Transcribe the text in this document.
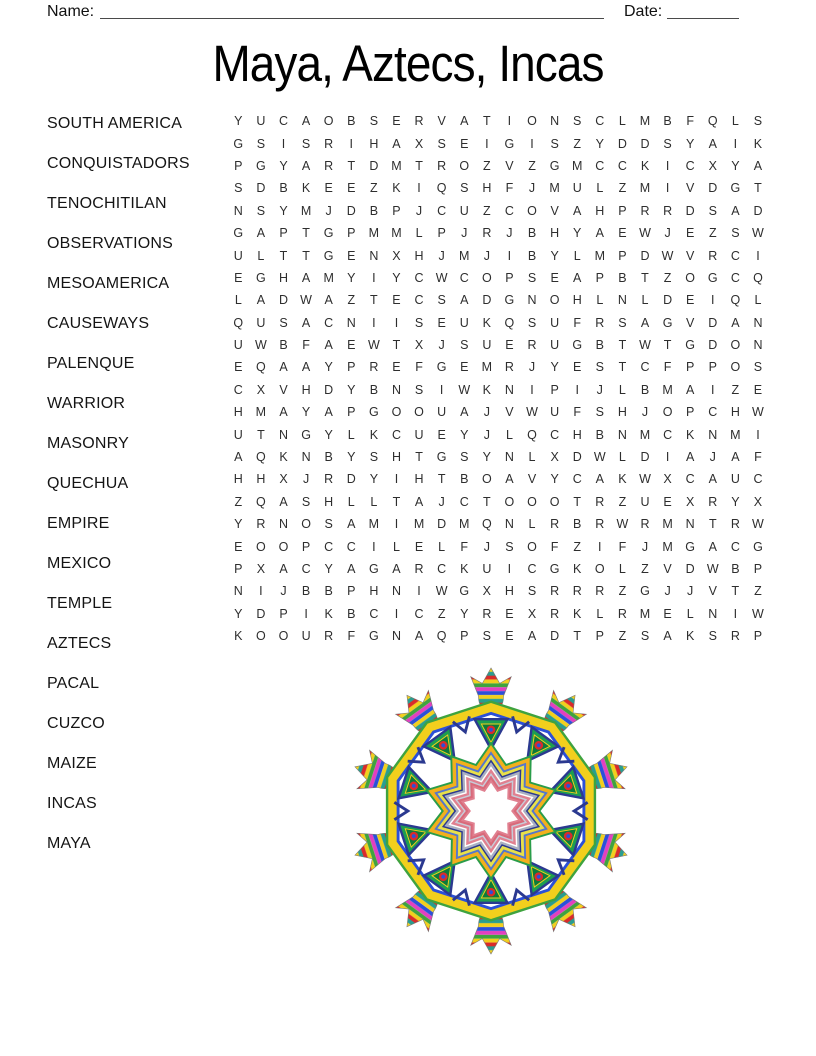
Name:	Date:
Maya, Aztecs, Incas
SOUTH AMERICA
CONQUISTADORS
TENOCHITILAN
OBSERVATIONS
MESOAMERICA
CAUSEWAYS
PALENQUE
WARRIOR
MASONRY
QUECHUA
EMPIRE
MEXICO
TEMPLE
AZTECS
PACAL
CUZCO
MAIZE
INCAS
MAYA
Y	U	C	A	O	B	S	E	R	V	A	T	I	O	N	S	C	L	M	B	F	Q	L	S
G	S	I	S	R	I	H	A	X	S	E	I	G	I	S	Z	Y	D	D	S	Y	A	I	K
P	G	Y	A	R	T	D	M	T	R	O	Z	V	Z	G	M	C	C	K	I	C	X	Y	A
S	D	B	K	E	E	Z	K	I	Q	S	H	F	J	M	U	L	Z	M	I	V	D	G	T
N	S	Y	M	J	D	B	P	J	C	U	Z	C	O	V	A	H	P	R	R	D	S	A	D
G	A	P	T	G	P	M M	L	P	J	R	J	B	H	Y	A	E	W	J	E	Z	S	W
U	L	T	T	G	E	N	X	H	J	M	J	I	B	Y	L	M	P	D W	V	R	C	I
E	G	H	A	M	Y	I	Y	C W C	O	P	S	E	A	P	B	T	Z	O	G	C	Q
L	A	D W	A	Z	T	E	C	S	A	D	G	N	O	H	L	N	L	D	E	I	Q	L
Q	U	S	A	C	N	I	I	S	E	U	K	Q	S	U	F	R	S	A	G	V	D	A	N
U W	B	F	A	E	W	T	X	J	S	U	E	R	U	G	B	T	W	T	G	D	O	N
E	Q	A	A	Y	P	R	E	F	G	E	M	R	J	Y	E	S	T	C	F	P	P	O	S
C	X	V	H	D	Y	B	N	S	I	W	K	N	I	P	I	J	L	B	M	A	I	Z	E
H	M	A	Y	A	P	G	O	O	U	A	J	V	W U	F	S	H	J	O	P	C	H W
U	T	N	G	Y	L	K	C	U	E	Y	J	L	Q	C	H	B	N	M	C	K	N	M	I
A	Q	K	N	B	Y	S	H	T	G	S	Y	N	L	X	D W	L	D	I	A	J	A	F
H	H	X	J	R	D	Y	I	H	T	B	O	A	V	Y	C	A	K	W	X	C	A	U	C
Z	Q	A	S	H	L	L	T	A	J	C	T	O	O	O	T	R	Z	U	E	X	R	Y	X
Y	R	N	O	S	A	M	I	M	D	M	Q	N	L	R	B	R W R	M	N	T	R W
E	O	O	P	C	C	I	L	E	L	F	J	S	O	F	Z	I	F	J	M	G	A	C	G
P	X	A	C	Y	A	G	A	R	C	K	U	I	C	G	K	O	L	Z	V	D W	B	P
N	I	J	B	B	P	H	N	I	W G	X	H	S	R	R	R	Z	G	J	J	V	T	Z
Y	D	P	I	K	B	C	I	C	Z	Y	R	E	X	R	K	L	R	M	E	L	N	I	W
K	O	O	U	R	F	G	N	A	Q	P	S	E	A	D	T	P	Z	S	A	K	S	R	P
